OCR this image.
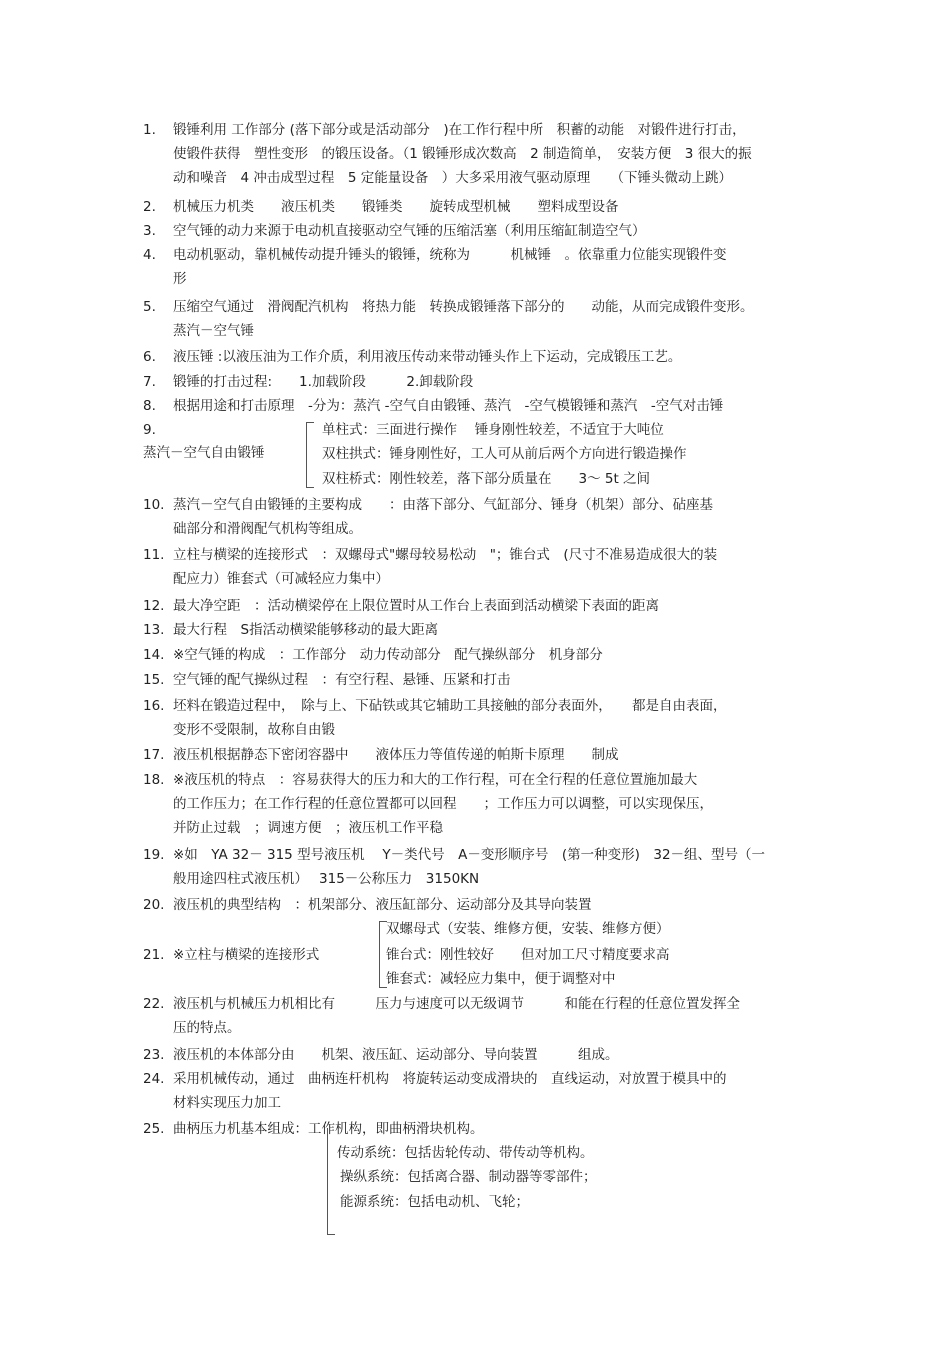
1.	锻锤利用 工作部分 (落下部分或是活动部分　)在工作行程中所　积蓄的动能　对锻件进行打击，
使锻件获得　塑性变形　的锻压设备。（1 锻锤形成次数高　2 制造简单，　安装方便　3 很大的振
动和噪音　4 冲击成型过程　5 定能量设备　）大多采用液气驱动原理　　（下锤头微动上跳）
2.	机械压力机类　　液压机类　　锻锤类　　旋转成型机械　　塑料成型设备
3.	空气锤的动力来源于电动机直接驱动空气锤的压缩活塞（利用压缩缸制造空气）
4.	电动机驱动，靠机械传动提升锤头的锻锤，统称为　　　机械锤　。依靠重力位能实现锻件变
形
5.	压缩空气通过　滑阀配汽机构　将热力能　转换成锻锤落下部分的　　动能，从而完成锻件变形。
蒸汽－空气锤
6.	液压锤 :以液压油为工作介质，利用液压传动来带动锤头作上下运动，完成锻压工艺。
7.	锻锤的打击过程:　　1.加载阶段　　　2.卸载阶段　　
8.	根据用途和打击原理　-分为：蒸汽 -空气自由锻锤、蒸汽　-空气模锻锤和蒸汽　-空气对击锤
10. 蒸汽－空气自由锻锤的主要构成　　：由落下部分、气缸部分、锤身（机架）部分、砧座基
础部分和滑阀配气机构等组成。
11. 立柱与横梁的连接形式　：双螺母式"螺母较易松动　"；锥台式　(尺寸不准易造成很大的装
配应力）锥套式（可减轻应力集中）
12. 最大净空距　：活动横梁停在上限位置时从工作台上表面到活动横梁下表面的距离
13. 最大行程　S指活动横梁能够移动的最大距离
14. ※空气锤的构成　：工作部分　动力传动部分　配气操纵部分　机身部分
15. 空气锤的配气操纵过程　：有空行程、悬锤、压紧和打击
16. 坯料在锻造过程中，　除与上、下砧铁或其它辅助工具接触的部分表面外，　　都是自由表面，
变形不受限制，故称自由锻
17. 液压机根据静态下密闭容器中　　液体压力等值传递的帕斯卡原理　　制成
18. ※液压机的特点　：容易获得大的压力和大的工作行程，可在全行程的任意位置施加最大
的工作压力；在工作行程的任意位置都可以回程　　；工作压力可以调整，可以实现保压，
并防止过载　；调速方便　；液压机工作平稳
19. ※如　YA 32－ 315 型号液压机　 Y－类代号　A－变形顺序号　(第一种变形)　32－组、型号（一
般用途四柱式液压机）　 315－公称压力　3150KN
20. 液压机的典型结构　：机架部分、液压缸部分、运动部分及其导向装置　　
22. 液压机与机械压力机相比有　　　压力与速度可以无级调节　　　和能在行程的任意位置发挥全
压的特点。
23. 液压机的本体部分由　　机架、液压缸、运动部分、导向装置　　　组成。
24. 采用机械传动，通过　曲柄连杆机构　将旋转运动变成滑块的　直线运动，对放置于模具中的
材料实现压力加工
9.
蒸汽－空气自由锻锤
单柱式：三面进行操作　 锤身刚性较差，不适宜于大吨位
双柱拱式：锤身刚性好，工人可从前后两个方向进行锻造操作
双柱桥式：刚性较差，落下部分质量在　　3～ 5t 之间
21. ※立柱与横梁的连接形式
双螺母式（安装、维修方便，安装、维修方便）
锥台式：刚性较好　　但对加工尺寸精度要求高
锥套式：减轻应力集中，便于调整对中
25. 曲柄压力机基本组成：工作机构，即曲柄滑块机构。
传动系统：包括齿轮传动、带传动等机构。
操纵系统：包括离合器、制动器等零部件；
能源系统：包括电动机、飞轮；
